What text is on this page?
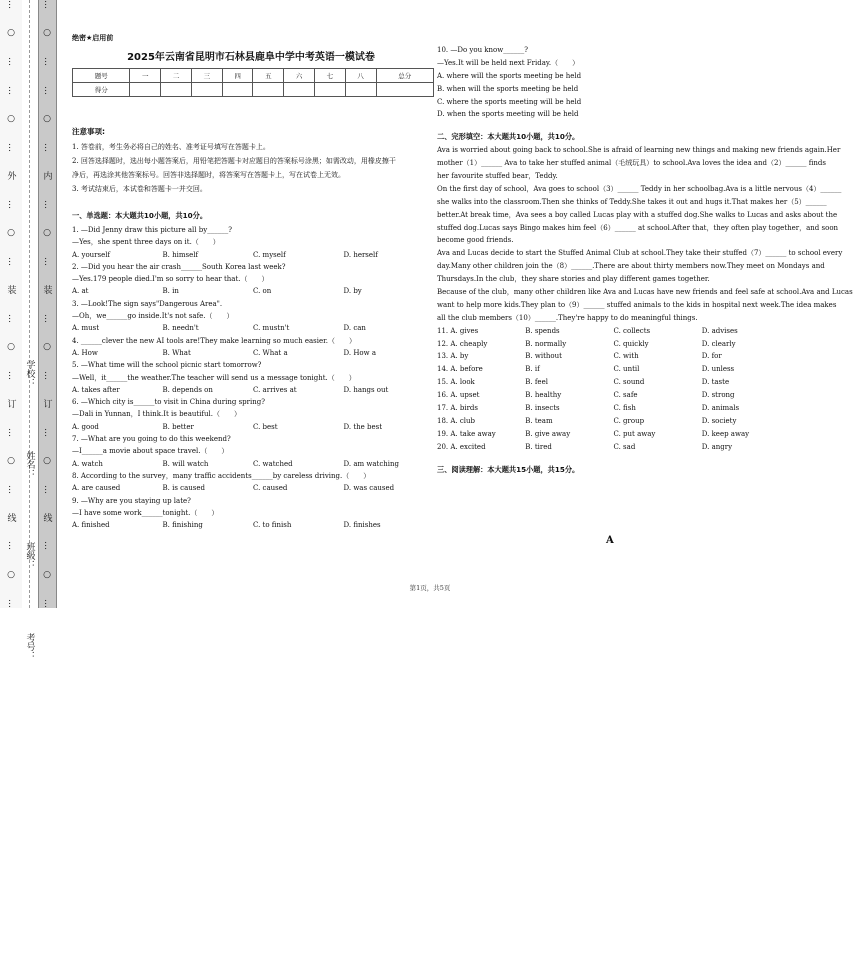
…
○
…
…
○
…
外
…
○
…
装
…
○
…
订
…
○
…
线
…
○
…
…
○
…
…
○
…
内
…
○
…
装
…
○
…
订
…
○
…
线
…
○
…
学校：
姓名：
班级：
考号：
绝密★启用前
2025年云南省昆明市石林县鹿阜中学中考英语一模试卷
题号	一	二	三	四	五	六	七	八	总分
得分									
注意事项:
1. 答卷前，考生务必将自己的姓名、准考证号填写在答题卡上。
2. 回答选择题时，选出每小题答案后，用铅笔把答题卡对应题目的答案标号涂黑；如需改动，用橡皮擦干
净后，再选涂其他答案标号。回答非选择题时，将答案写在答题卡上，写在试卷上无效。
3. 考试结束后，本试卷和答题卡一并交回。
一、单选题：本大题共10小题，共10分。
1. —Did Jenny draw this picture all by______?
—Yes，she spent three days on it.（　　）
A. yourself	B. himself	C. myself	D. herself
2. —Did you hear the air crash______South Korea last week?
—Yes.179 people died.I'm so sorry to hear that.（　　）
A. at	B. in	C. on	D. by
3. —Look!The sign says"Dangerous Area".
—Oh，we______go inside.It's not safe.（　　）
A. must	B. needn't	C. mustn't	D. can
4. ______clever the new AI tools are!They make learning so much easier.（　　）
A. How	B. What	C. What a	D. How a
5. —What time will the school picnic start tomorrow?
—Well，it______the weather.The teacher will send us a message tonight.（　　）
A. takes after	B. depends on	C. arrives at	D. hangs out
6. —Which city is______to visit in China during spring?
—Dali in Yunnan，I think.It is beautiful.（　　）
A. good	B. better	C. best	D. the best
7. —What are you going to do this weekend?
—I______a movie about space travel.（　　）
A. watch	B. will watch	C. watched	D. am watching
8. According to the survey，many traffic accidents______by careless driving.（　　）
A. are caused	B. is caused	C. caused	D. was caused
9. —Why are you staying up late?
—I have some work______tonight.（　　）
A. finished	B. finishing	C. to finish	D. finishes
10. —Do you know______?
—Yes.It will be held next Friday.（　　）
A. where will the sports meeting be held
B. when will the sports meeting be held
C. where the sports meeting will be held
D. when the sports meeting will be held
二、完形填空：本大题共10小题，共10分。
Ava is worried about going back to school.She is afraid of learning new things and making new friends again.Her
mother（1）______ Ava to take her stuffed animal（毛绒玩具）to school.Ava loves the idea and（2）______ finds
her favourite stuffed bear，Teddy.
On the first day of school，Ava goes to school（3）______ Teddy in her schoolbag.Ava is a little nervous（4）______
she walks into the classroom.Then she thinks of Teddy.She takes it out and hugs it.That makes her（5）______
better.At break time，Ava sees a boy called Lucas play with a stuffed dog.She walks to Lucas and asks about the
stuffed dog.Lucas says Bingo makes him feel（6）______ at school.After that，they often play together，and soon
become good friends.
Ava and Lucas decide to start the Stuffed Animal Club at school.They take their stuffed（7）______ to school every
day.Many other children join the（8）______.There are about thirty members now.They meet on Mondays and
Thursdays.In the club，they share stories and play different games together.
Because of the club，many other children like Ava and Lucas have new friends and feel safe at school.Ava and Lucas
want to help more kids.They plan to（9）______ stuffed animals to the kids in hospital next week.The idea makes
all the club members（10）______.They're happy to do meaningful things.
11. A. gives	B. spends	C. collects	D. advises
12. A. cheaply	B. normally	C. quickly	D. clearly
13. A. by	B. without	C. with	D. for
14. A. before	B. if	C. until	D. unless
15. A. look	B. feel	C. sound	D. taste
16. A. upset	B. healthy	C. safe	D. strong
17. A. birds	B. insects	C. fish	D. animals
18. A. club	B. team	C. group	D. society
19. A. take away	B. give away	C. put away	D. keep away
20. A. excited	B. tired	C. sad	D. angry
三、阅读理解：本大题共15小题，共15分。
A
第1页，共5页
